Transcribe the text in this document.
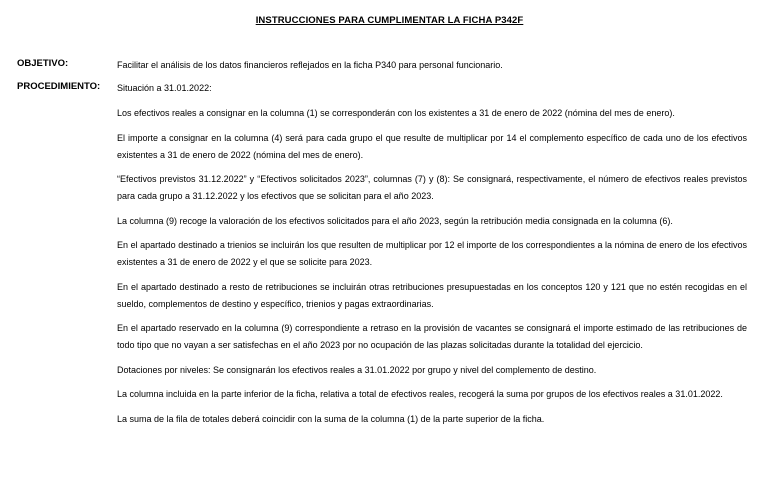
INSTRUCCIONES PARA CUMPLIMENTAR LA FICHA P342F
OBJETIVO:	Facilitar el análisis de los datos financieros reflejados en la ficha P340 para personal funcionario.
PROCEDIMIENTO: Situación a 31.01.2022:

Los efectivos reales a consignar en la columna (1) se corresponderán con los existentes a 31 de enero de 2022 (nómina del mes de enero).

El importe a consignar en la columna (4) será para cada grupo el que resulte de multiplicar por 14 el complemento específico de cada uno de los efectivos existentes a 31 de enero de 2022 (nómina del mes de enero).

“Efectivos previstos 31.12.2022” y “Efectivos solicitados 2023”, columnas (7) y (8): Se consignará, respectivamente, el número de efectivos reales previstos para cada grupo a 31.12.2022 y los efectivos que se solicitan para el año 2023.

La columna (9) recoge la valoración de los efectivos solicitados para el año 2023, según la retribución media consignada en la columna (6).

En el apartado destinado a trienios se incluirán los que resulten de multiplicar por 12 el importe de los correspondientes a la nómina de enero de los efectivos existentes a 31 de enero de 2022 y el que se solicite para 2023.

En el apartado destinado a resto de retribuciones se incluirán otras retribuciones presupuestadas en los conceptos 120 y 121 que no estén recogidas en el sueldo, complementos de destino y específico, trienios y pagas extraordinarias.

En el apartado reservado en la columna (9) correspondiente a retraso en la provisión de vacantes se consignará el importe estimado de las retribuciones de todo tipo que no vayan a ser satisfechas en el año 2023 por no ocupación de las plazas solicitadas durante la totalidad del ejercicio.

Dotaciones por niveles: Se consignarán los efectivos reales a 31.01.2022 por grupo y nivel del complemento de destino.

La columna incluida en la parte inferior de la ficha, relativa a total de efectivos reales, recogerá la suma por grupos de los efectivos reales a 31.01.2022.

La suma de la fila de totales deberá coincidir con la suma de la columna (1) de la parte superior de la ficha.
